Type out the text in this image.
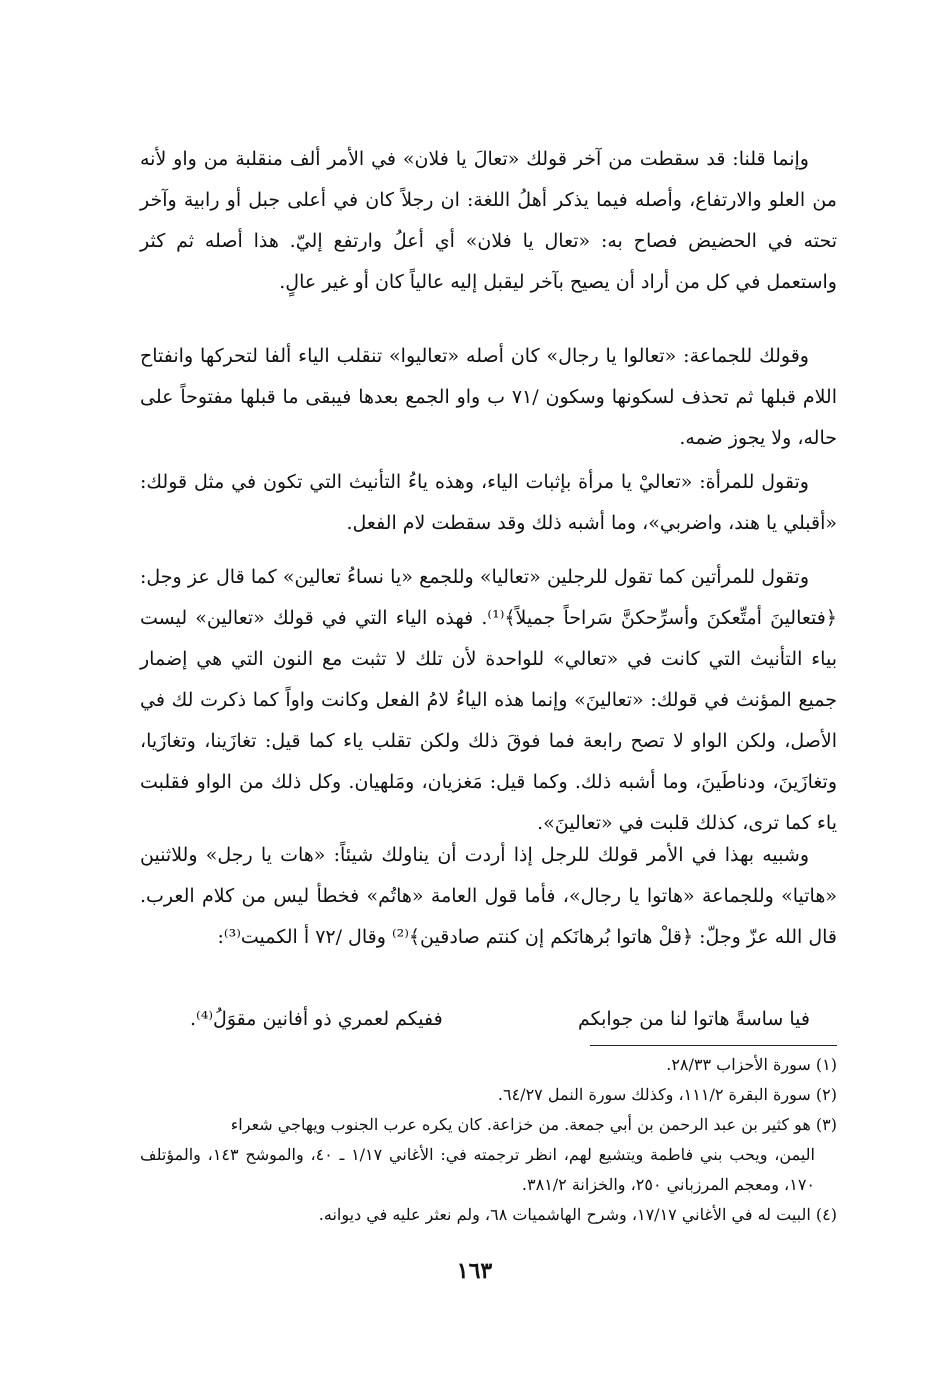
وإنما قلنا: قد سقطت من آخر قولك «تعالَ يا فلان» في الأمر ألف منقلبة من واو لأنه من العلو والارتفاع، وأصله فيما يذكر أهلُ اللغة: ان رجلاً كان في أعلى جبل أو رابية وآخر تحته في الحضيض فصاح به: «تعال يا فلان» أي أعلُ وارتفع إليّ. هذا أصله ثم كثر واستعمل في كل من أراد أن يصيح بآخر ليقبل إليه عالياً كان أو غير عالٍ.

وقولك للجماعة: «تعالوا يا رجال» كان أصله «تعاليوا» تنقلب الياء ألفا لتحركها وانفتاح اللام قبلها ثم تحذف لسكونها وسكون /٧١ ب واو الجمع بعدها فيبقى ما قبلها مفتوحاً على حاله، ولا يجوز ضمه.

وتقول للمرأة: «تعاليْ يا مرأة بإثبات الياء، وهذه ياءُ التأنيث التي تكون في مثل قولك: «أقبلي يا هند، واضربي»، وما أشبه ذلك وقد سقطت لام الفعل.

وتقول للمرأتين كما تقول للرجلين «تعاليا» وللجمع «يا نساءُ تعالين» كما قال عز وجل: ﴿فتعالينَ أمتِّعكنَ وأسرِّحكنَّ سَراحاً جميلاً﴾⁽¹⁾. فهذه الياء التي في قولك «تعالين» ليست بياء التأنيث التي كانت في «تعالي» للواحدة لأن تلك لا تثبت مع النون التي هي إضمار جميع المؤنث في قولك: «تعالينَ» وإنما هذه الياءُ لامُ الفعل وكانت واواً كما ذكرت لك في الأصل، ولكن الواو لا تصح رابعة فما فوقَ ذلك ولكن تقلب ياء كما قيل: تغازَينا، وتغازَيا، وتغازَينَ، ودناطَينَ، وما أشبه ذلك. وكما قيل: مَغزيان، ومَلهيان. وكل ذلك من الواو فقلبت ياء كما ترى، كذلك قلبت في «تعالينَ».

وشبيه بهذا في الأمر قولك للرجل إذا أردت أن يناولك شيئاً: «هات يا رجل» وللاثنين «هاتيا» وللجماعة «هاتوا يا رجال»، فأما قول العامة «هاتُم» فخطأ ليس من كلام العرب. قال الله عزّ وجلّ: ﴿قلْ هاتوا بُرهانَكم إن كنتم صادقين﴾⁽²⁾ وقال /٧٢ أ الكميت⁽³⁾:

فيا ساسةً هاتوا لنا من جوابكم
ففيكم لعمري ذو أفانين مقوَلُ⁽⁴⁾.

(١) سورة الأحزاب ٢٨/٣٣.

(٢) سورة البقرة ١١١/٢، وكذلك سورة النمل ٦٤/٢٧.

(٣) هو كثير بن عبد الرحمن بن أبي جمعة. من خزاعة. كان يكره عرب الجنوب ويهاجي شعراء

اليمن، ويحب بني فاطمة ويتشيع لهم، انظر ترجمته في: الأغاني ١/١٧ ـ ٤٠، والموشح ١٤٣، والمؤتلف ١٧٠، ومعجم المرزباني ٢٥٠، والخزانة ٣٨١/٢.

(٤) البيت له في الأغاني ١٧/١٧، وشرح الهاشميات ٦٨، ولم نعثر عليه في ديوانه.

١٦٣
